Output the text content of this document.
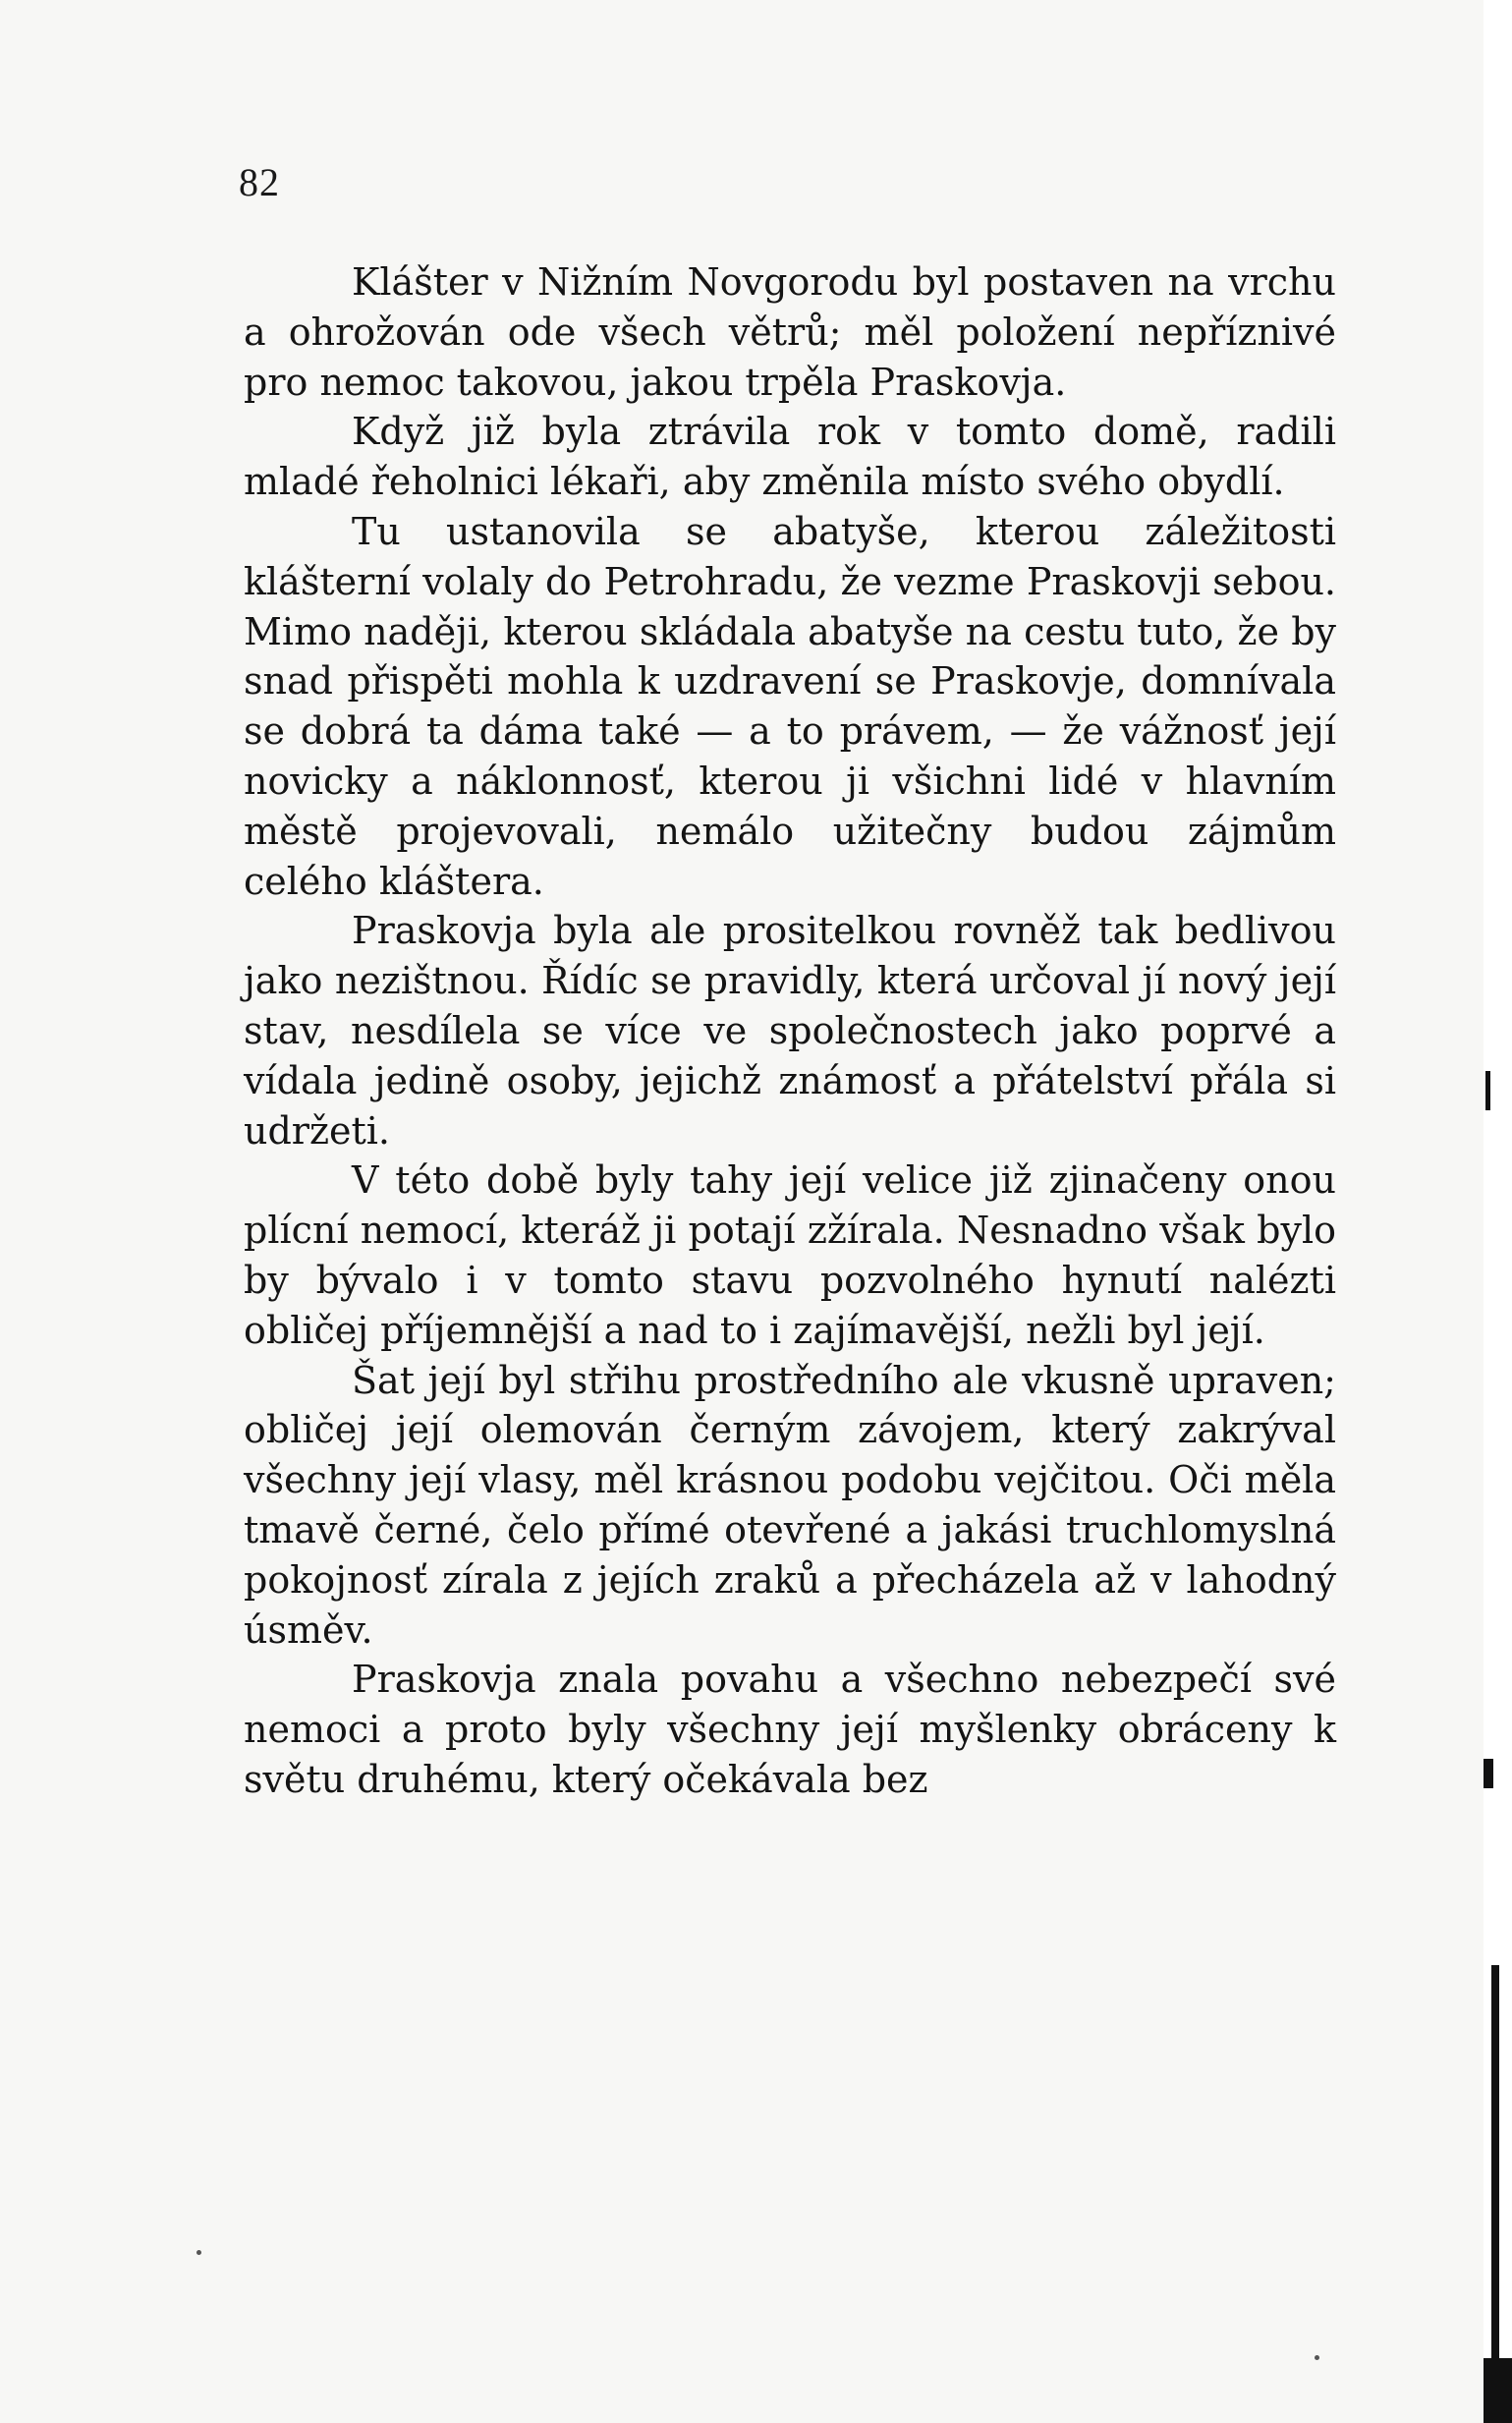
82

Klášter v Nižním Novgorodu byl postaven na vrchu a ohrožován ode všech větrů; měl položení nepříznivé pro nemoc takovou, jakou trpěla Praskovja.

Když již byla ztrávila rok v tomto domě, radili mladé řeholnici lékaři, aby změnila místo svého obydlí.

Tu ustanovila se abatyše, kterou záležitosti klášterní volaly do Petrohradu, že vezme Praskovji sebou. Mimo naději, kterou skládala abatyše na cestu tuto, že by snad přispěti mohla k uzdravení se Praskovje, domnívala se dobrá ta dáma také — a to právem, — že vážnosť její novicky a náklonnosť, kterou ji všichni lidé v hlavním městě projevovali, nemálo užitečny budou zájmům celého kláštera.

Praskovja byla ale prositelkou rovněž tak bedlivou jako nezištnou. Řídíc se pravidly, která určoval jí nový její stav, nesdílela se více ve společnostech jako poprvé a vídala jedině osoby, jejichž známosť a přátelství přála si udržeti.

V této době byly tahy její velice již zjinačeny onou plícní nemocí, kteráž ji potají zžírala. Nesnadno však bylo by bývalo i v tomto stavu pozvolného hynutí nalézti obličej příjemnější a nad to i zajímavější, nežli byl její.

Šat její byl střihu prostředního ale vkusně upraven; obličej její olemován černým závojem, který zakrýval všechny její vlasy, měl krásnou podobu vejčitou. Oči měla tmavě černé, čelo přímé otevřené a jakási truchlomyslná pokojnosť zírala z jejích zraků a přecházela až v lahodný úsměv.

Praskovja znala povahu a všechno nebezpečí své nemoci a proto byly všechny její myšlenky obráceny k světu druhému, který očekávala bez
